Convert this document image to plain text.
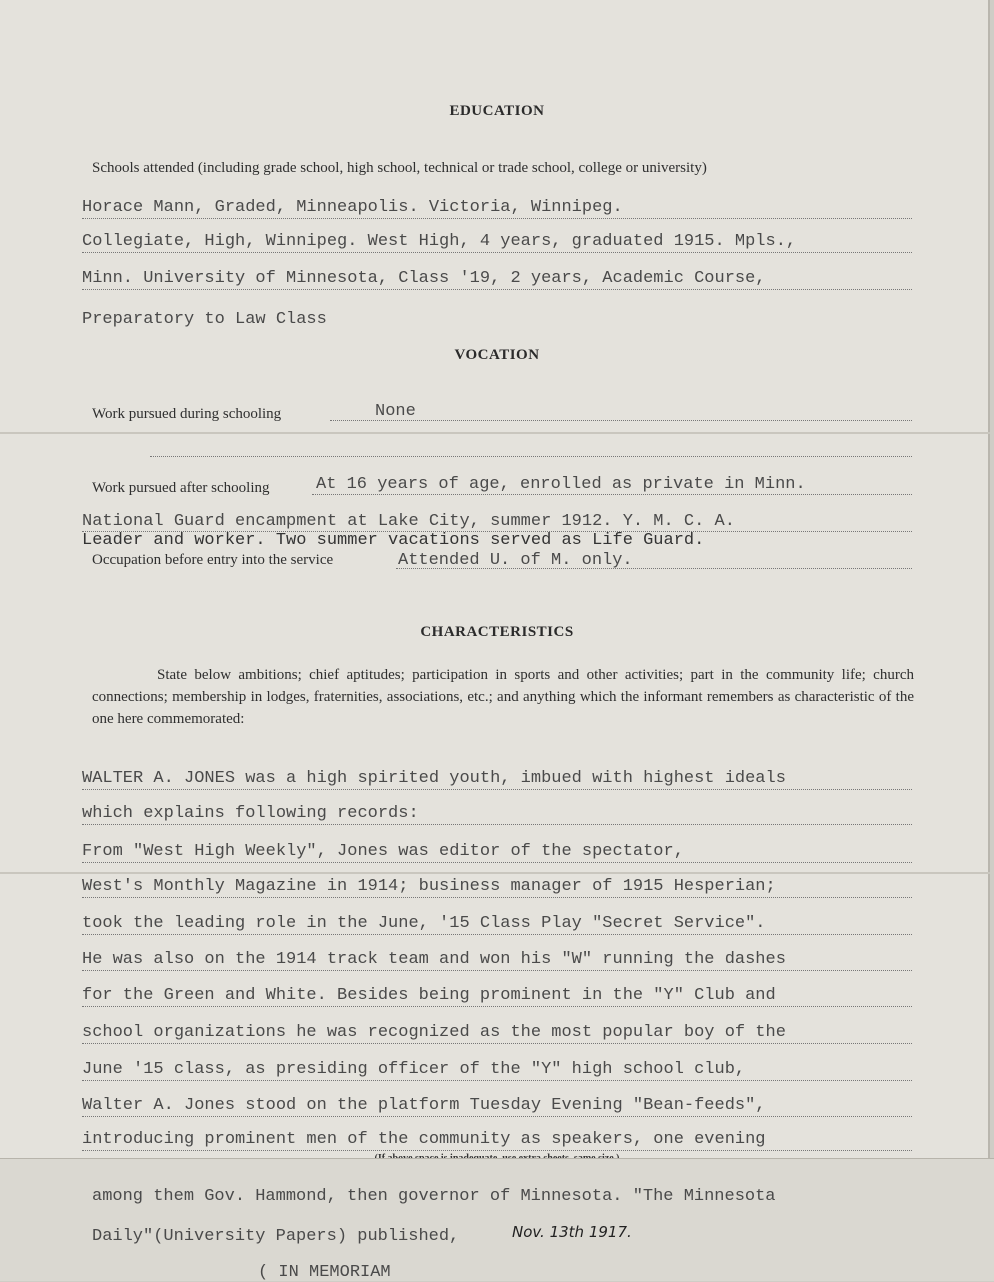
EDUCATION
Schools attended (including grade school, high school, technical or trade school, college or university)
Horace Mann, Graded, Minneapolis. Victoria, Winnipeg.
Collegiate, High, Winnipeg. West High, 4 years, graduated 1915. Mpls.,
Minn. University of Minnesota, Class '19, 2 years, Academic Course,
Preparatory to Law Class
VOCATION
Work pursued during schooling	None
Work pursued after schooling	At 16 years of age, enrolled as private in Minn.
National Guard encampment at Lake City, summer 1912. Y. M. C. A.
Leader and worker. Two summer vacations served as Life Guard.
Occupation before entry into the service	Attended U. of M. only.
CHARACTERISTICS
State below ambitions; chief aptitudes; participation in sports and other activities; part in the community life; church connections; membership in lodges, fraternities, associations, etc.; and anything which the informant remembers as characteristic of the one here commemorated:
WALTER A. JONES was a high spirited youth, imbued with highest ideals
which explains following records:
From "West High Weekly", Jones was editor of the spectator,
West's Monthly Magazine in 1914; business manager of 1915 Hesperian;
took the leading role in the June, '15 Class Play "Secret Service".
He was also on the 1914 track team and won his "W" running the dashes
for the Green and White. Besides being prominent in the "Y" Club and
school organizations he was recognized as the most popular boy of the
June '15 class, as presiding officer of the "Y" high school club,
Walter A. Jones stood on the platform Tuesday Evening "Bean-feeds",
introducing prominent men of the community as speakers, one evening
among them Gov. Hammond, then governor of Minnesota. "The Minnesota
Daily"(University Papers) published,	Nov. 13th 1917.
( IN MEMORIAM
